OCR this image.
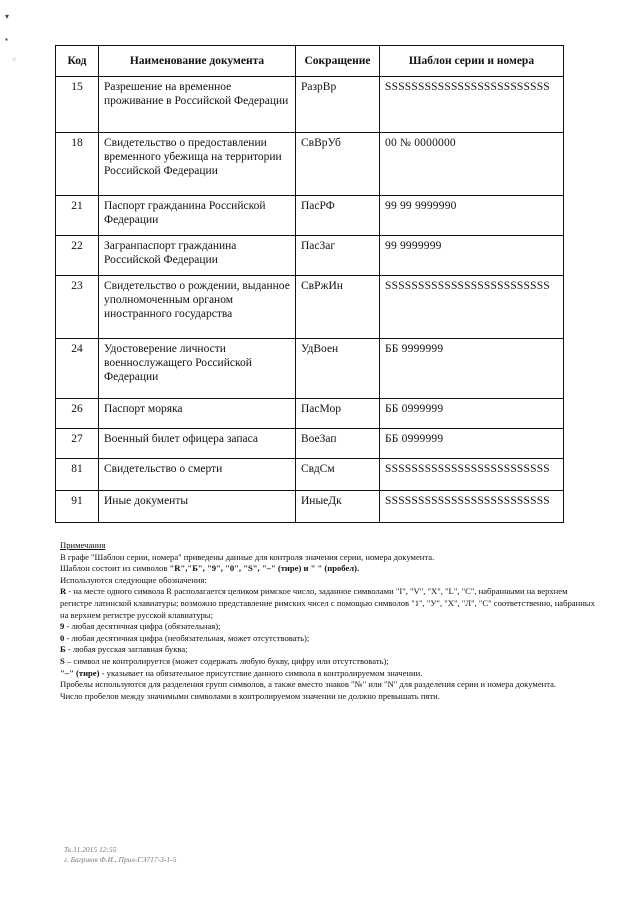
▾
▪
×	Код	Наименование документа	Сокращение	Шаблон серии и номера
15	Разрешение на временное проживание в Российской Федерации	РазрВр	SSSSSSSSSSSSSSSSSSSSSSSSS
18	Свидетельство о предоставлении временного убежища на территории Российской Федерации	СвВрУб	00 № 0000000
21	Паспорт гражданина Российской Федерации	ПасРФ	99 99 9999990
22	Загранпаспорт гражданина Российской Федерации	ПасЗаг	99 9999999
23	Свидетельство о рождении, выданное уполномоченным органом иностранного государства	СвРжИн	SSSSSSSSSSSSSSSSSSSSSSSSS
24	Удостоверение личности военнослужащего Российской Федерации	УдВоен	ББ 9999999
26	Паспорт моряка	ПасМор	ББ 0999999
27	Военный билет офицера запаса	ВоеЗап	ББ 0999999
81	Свидетельство о смерти	СвдСм	SSSSSSSSSSSSSSSSSSSSSSSSS
91	Иные документы	ИныеДк	SSSSSSSSSSSSSSSSSSSSSSSSS

Примечания

В графе "Шаблон серии, номера" приведены данные для контроля значения серии, номера документа.

Шаблон состоит из символов "R","Б", "9", "0", "S", "–" (тире) и " " (пробел).

Используются следующие обозначения:

R - на месте одного символа R располагается целиком римское число, заданное символами "I", "V", "X", "L", "C", набранными на верхнем регистре латинской клавиатуры; возможно представление римских чисел с помощью символов "1", "У", "Х", "Л", "С" соответственно, набранных на верхнем регистре русской клавиатуры;

9 - любая десятичная цифра (обязательная);

0 - любая десятичная цифра (необязательная, может отсутствовать);

Б - любая русская заглавная буква;

S – символ не контролируется (может содержать любую букву, цифру или отсутствовать);

"–" (тире) - указывает на обязательное присутствие данного символа в контролируемом значении.

Пробелы используются для разделения групп символов, а также вместо знаков "№" или "N" для разделения серии и номера документа.

Число пробелов между значимыми символами в контролируемом значении не должно превышать пяти.

Тк.11.2015 12:55
г. Багриюв Ф.И., Прил-ГЭ717-3-1-5
